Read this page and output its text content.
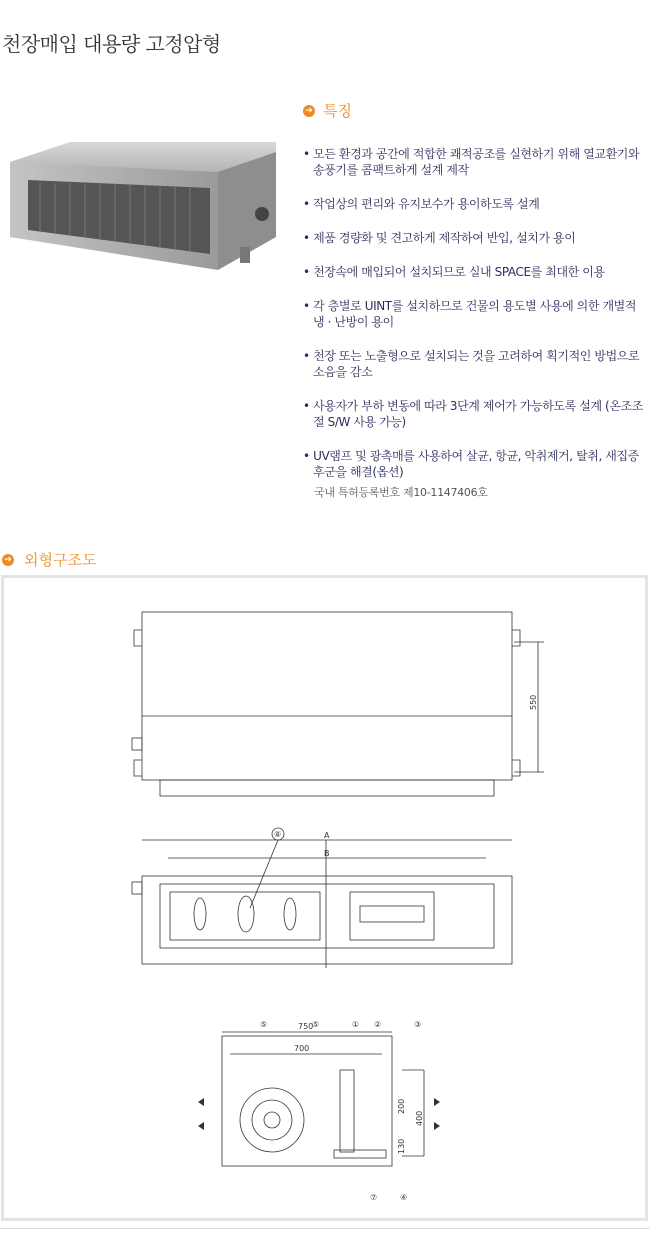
천장매입 대용량 고정압형
➔ 특징
• 모든 환경과 공간에 적합한 쾌적공조를 실현하기 위해 열교환기와 송풍기를 콤팩트하게 설계 제작
• 작업상의 편리와 유지보수가 용이하도록 설계
• 제품 경량화 및 견고하게 제작하여 반입, 설치가 용이
• 천장속에 매입되어 설치되므로 실내 SPACE를 최대한 이용
• 각 층별로 UINT를 설치하므로 건물의 용도별 사용에 의한 개별적 냉 · 난방이 용이
• 천장 또는 노출형으로 설치되는 것을 고려하여 획기적인 방법으로 소음을 감소
• 사용자가 부하 변동에 따라 3단계 제어가 가능하도록 설계 (온조조절 S/W 사용 가능)
• UV램프 및 광촉매를 사용하여 살균, 항균, 악취제거, 탈취, 새집증후군을 해결(옵션)
국내 특허등록번호 제10-1147406호
➔ 외형구조도
550
A
B
⑧
750
700
400
200
130
⑤	⑤	① ②	③
④
⑦
